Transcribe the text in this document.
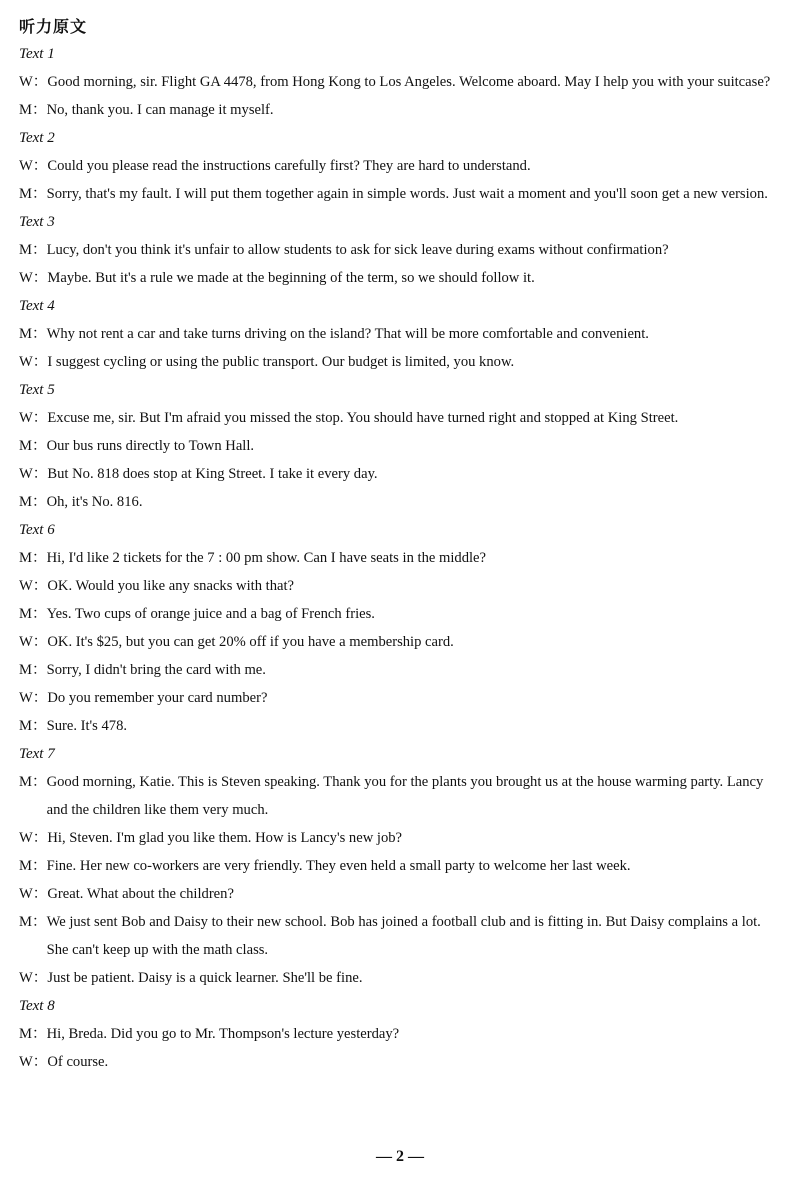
听力原文
Text 1
W ：	Good morning, sir. Flight GA 4478, from Hong Kong to Los Angeles. Welcome aboard. May I help you with your suitcase?
M ：	No, thank you. I can manage it myself.
Text 2
W ：	Could you please read the instructions carefully first? They are hard to understand.
M ：	Sorry, that's my fault. I will put them together again in simple words. Just wait a moment and you'll soon get a new version.
Text 3
M ：	Lucy, don't you think it's unfair to allow students to ask for sick leave during exams without confirmation?
W ：	Maybe. But it's a rule we made at the beginning of the term, so we should follow it.
Text 4
M ：	Why not rent a car and take turns driving on the island? That will be more comfortable and convenient.
W ：	I suggest cycling or using the public transport. Our budget is limited, you know.
Text 5
W ：	Excuse me, sir. But I'm afraid you missed the stop. You should have turned right and stopped at King Street.
M ：	Our bus runs directly to Town Hall.
W ：	But No. 818 does stop at King Street. I take it every day.
M ：	Oh, it's No. 816.
Text 6
M ：	Hi, I'd like 2 tickets for the 7 : 00 pm show. Can I have seats in the middle?
W ：	OK. Would you like any snacks with that?
M ：	Yes. Two cups of orange juice and a bag of French fries.
W ：	OK. It's $25, but you can get 20% off if you have a membership card.
M ：	Sorry, I didn't bring the card with me.
W ：	Do you remember your card number?
M ：	Sure. It's 478.
Text 7
M ：	Good morning, Katie. This is Steven speaking. Thank you for the plants you brought us at the house warming party. Lancy and the children like them very much.
W ：	Hi, Steven. I'm glad you like them. How is Lancy's new job?
M ：	Fine. Her new co-workers are very friendly. They even held a small party to welcome her last week.
W ：	Great. What about the children?
M ：	We just sent Bob and Daisy to their new school. Bob has joined a football club and is fitting in. But Daisy complains a lot. She can't keep up with the math class.
W ：	Just be patient. Daisy is a quick learner. She'll be fine.
Text 8
M ：	Hi, Breda. Did you go to Mr. Thompson's lecture yesterday?
W ：	Of course.
— 2 —
